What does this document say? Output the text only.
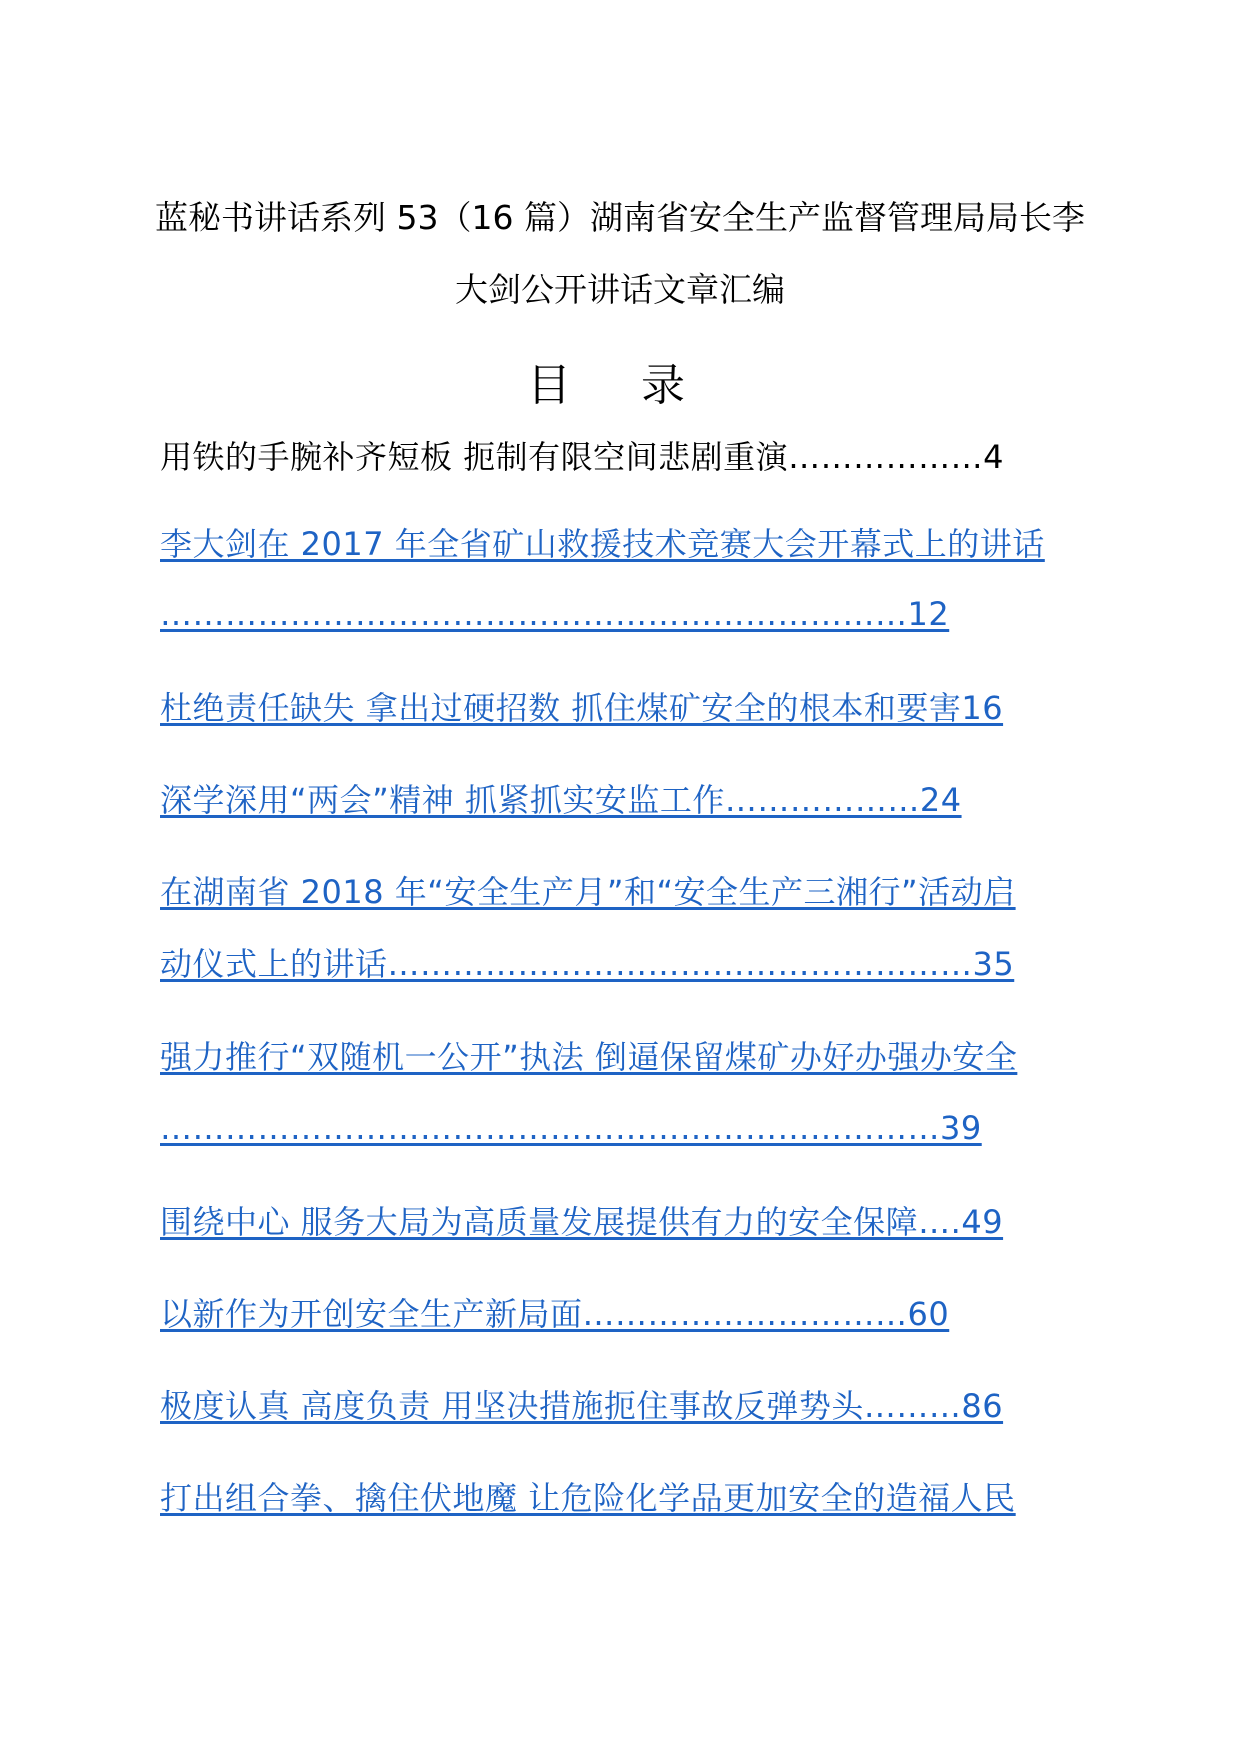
蓝秘书讲话系列 53（16 篇）湖南省安全生产监督管理局局长李
大剑公开讲话文章汇编
目 录
用铁的手腕补齐短板 扼制有限空间悲剧重演………………4
李大剑在 2017 年全省矿山救援技术竞赛大会开幕式上的讲话
……………………………………………………………12
杜绝责任缺失 拿出过硬招数 抓住煤矿安全的根本和要害16
深学深用“两会”精神 抓紧抓实安监工作………………24
在湖南省 2018 年“安全生产月”和“安全生产三湘行”活动启
动仪式上的讲话………………………………………………35
强力推行“双随机一公开”执法 倒逼保留煤矿办好办强办安全
………………………………………………………………39
围绕中心 服务大局为高质量发展提供有力的安全保障….49
以新作为开创安全生产新局面…………………………60
极度认真 高度负责 用坚决措施扼住事故反弹势头………86
打出组合拳、擒住伏地魔 让危险化学品更加安全的造福人民
